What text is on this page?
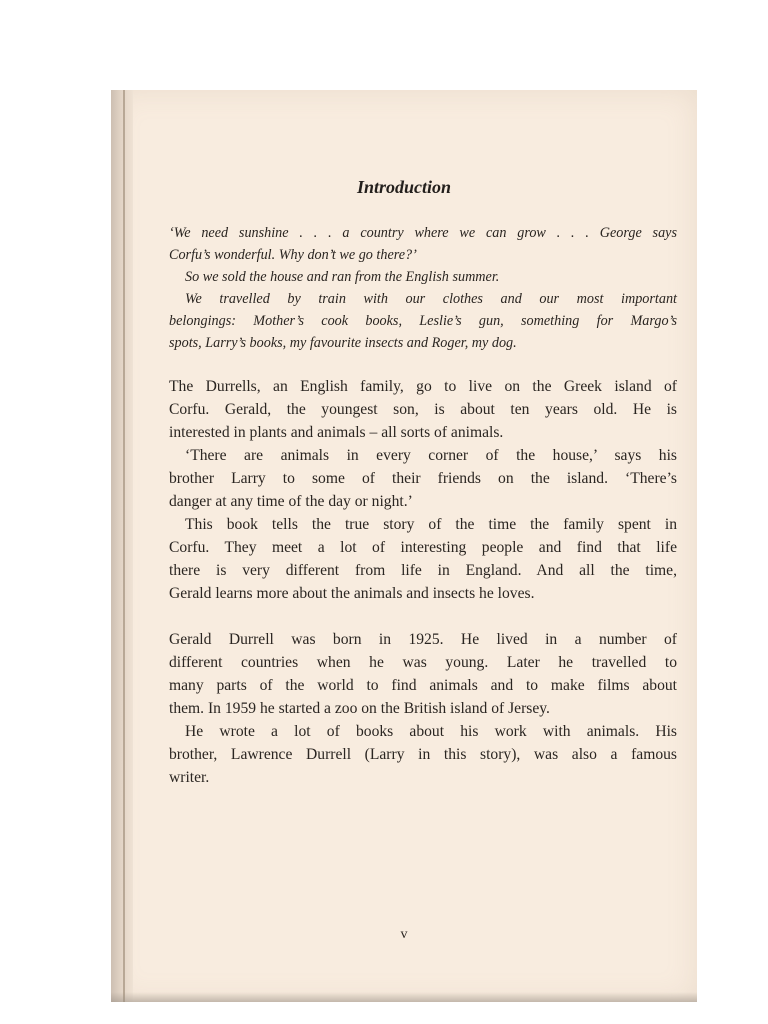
Introduction

‘We need sunshine . . . a country where we can grow . . . George says

Corfu’s wonderful. Why don’t we go there?’

So we sold the house and ran from the English summer.

We travelled by train with our clothes and our most important

belongings: Mother’s cook books, Leslie’s gun, something for Margo’s

spots, Larry’s books, my favourite insects and Roger, my dog.

The Durrells, an English family, go to live on the Greek island of

Corfu. Gerald, the youngest son, is about ten years old. He is

interested in plants and animals – all sorts of animals.

‘There are animals in every corner of the house,’ says his

brother Larry to some of their friends on the island. ‘There’s

danger at any time of the day or night.’

This book tells the true story of the time the family spent in

Corfu. They meet a lot of interesting people and find that life

there is very different from life in England. And all the time,

Gerald learns more about the animals and insects he loves.

Gerald Durrell was born in 1925. He lived in a number of

different countries when he was young. Later he travelled to

many parts of the world to find animals and to make films about

them. In 1959 he started a zoo on the British island of Jersey.

He wrote a lot of books about his work with animals. His

brother, Lawrence Durrell (Larry in this story), was also a famous

writer.

v
